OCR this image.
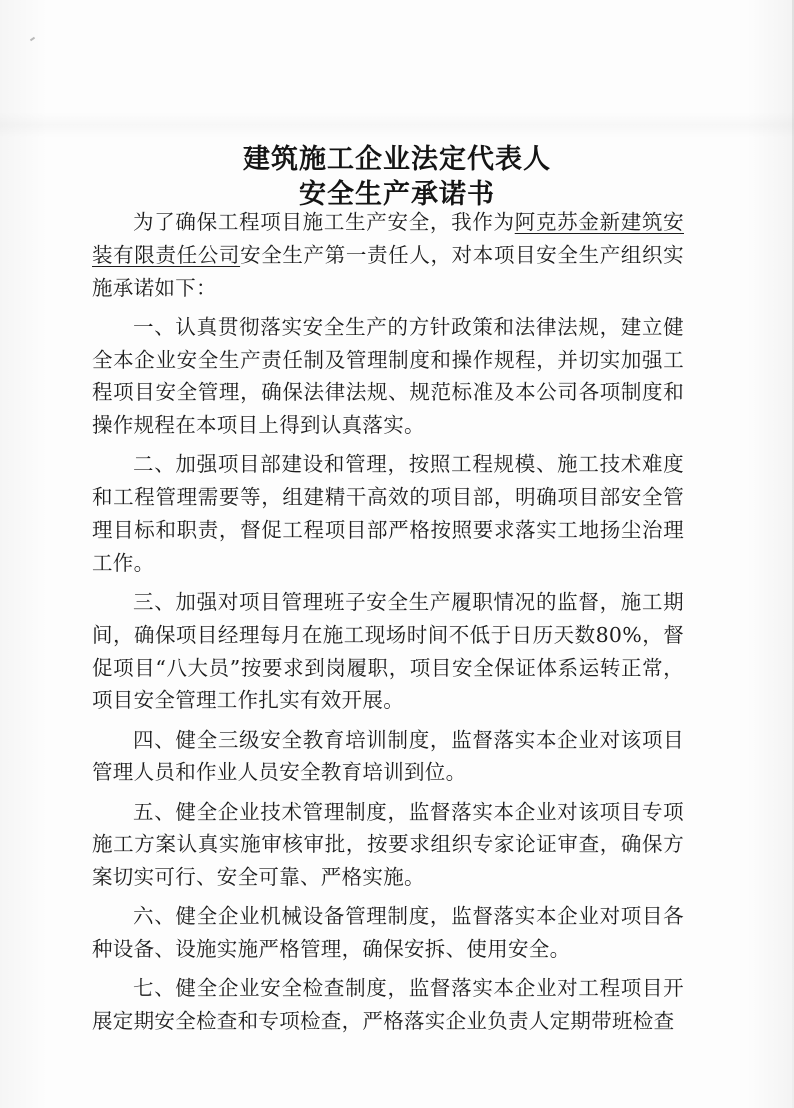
建筑施工企业法定代表人
安全生产承诺书

为了确保工程项目施工生产安全，我作为阿克苏金新建筑安装有限责任公司安全生产第一责任人，对本项目安全生产组织实施承诺如下：

一、认真贯彻落实安全生产的方针政策和法律法规，建立健全本企业安全生产责任制及管理制度和操作规程，并切实加强工程项目安全管理，确保法律法规、规范标准及本公司各项制度和操作规程在本项目上得到认真落实。

二、加强项目部建设和管理，按照工程规模、施工技术难度和工程管理需要等，组建精干高效的项目部，明确项目部安全管理目标和职责，督促工程项目部严格按照要求落实工地扬尘治理工作。

三、加强对项目管理班子安全生产履职情况的监督，施工期间，确保项目经理每月在施工现场时间不低于日历天数80%，督促项目“八大员”按要求到岗履职，项目安全保证体系运转正常，项目安全管理工作扎实有效开展。

四、健全三级安全教育培训制度，监督落实本企业对该项目管理人员和作业人员安全教育培训到位。

五、健全企业技术管理制度，监督落实本企业对该项目专项施工方案认真实施审核审批，按要求组织专家论证审查，确保方案切实可行、安全可靠、严格实施。

六、健全企业机械设备管理制度，监督落实本企业对项目各种设备、设施实施严格管理，确保安拆、使用安全。

七、健全企业安全检查制度，监督落实本企业对工程项目开展定期安全检查和专项检查，严格落实企业负责人定期带班检查
